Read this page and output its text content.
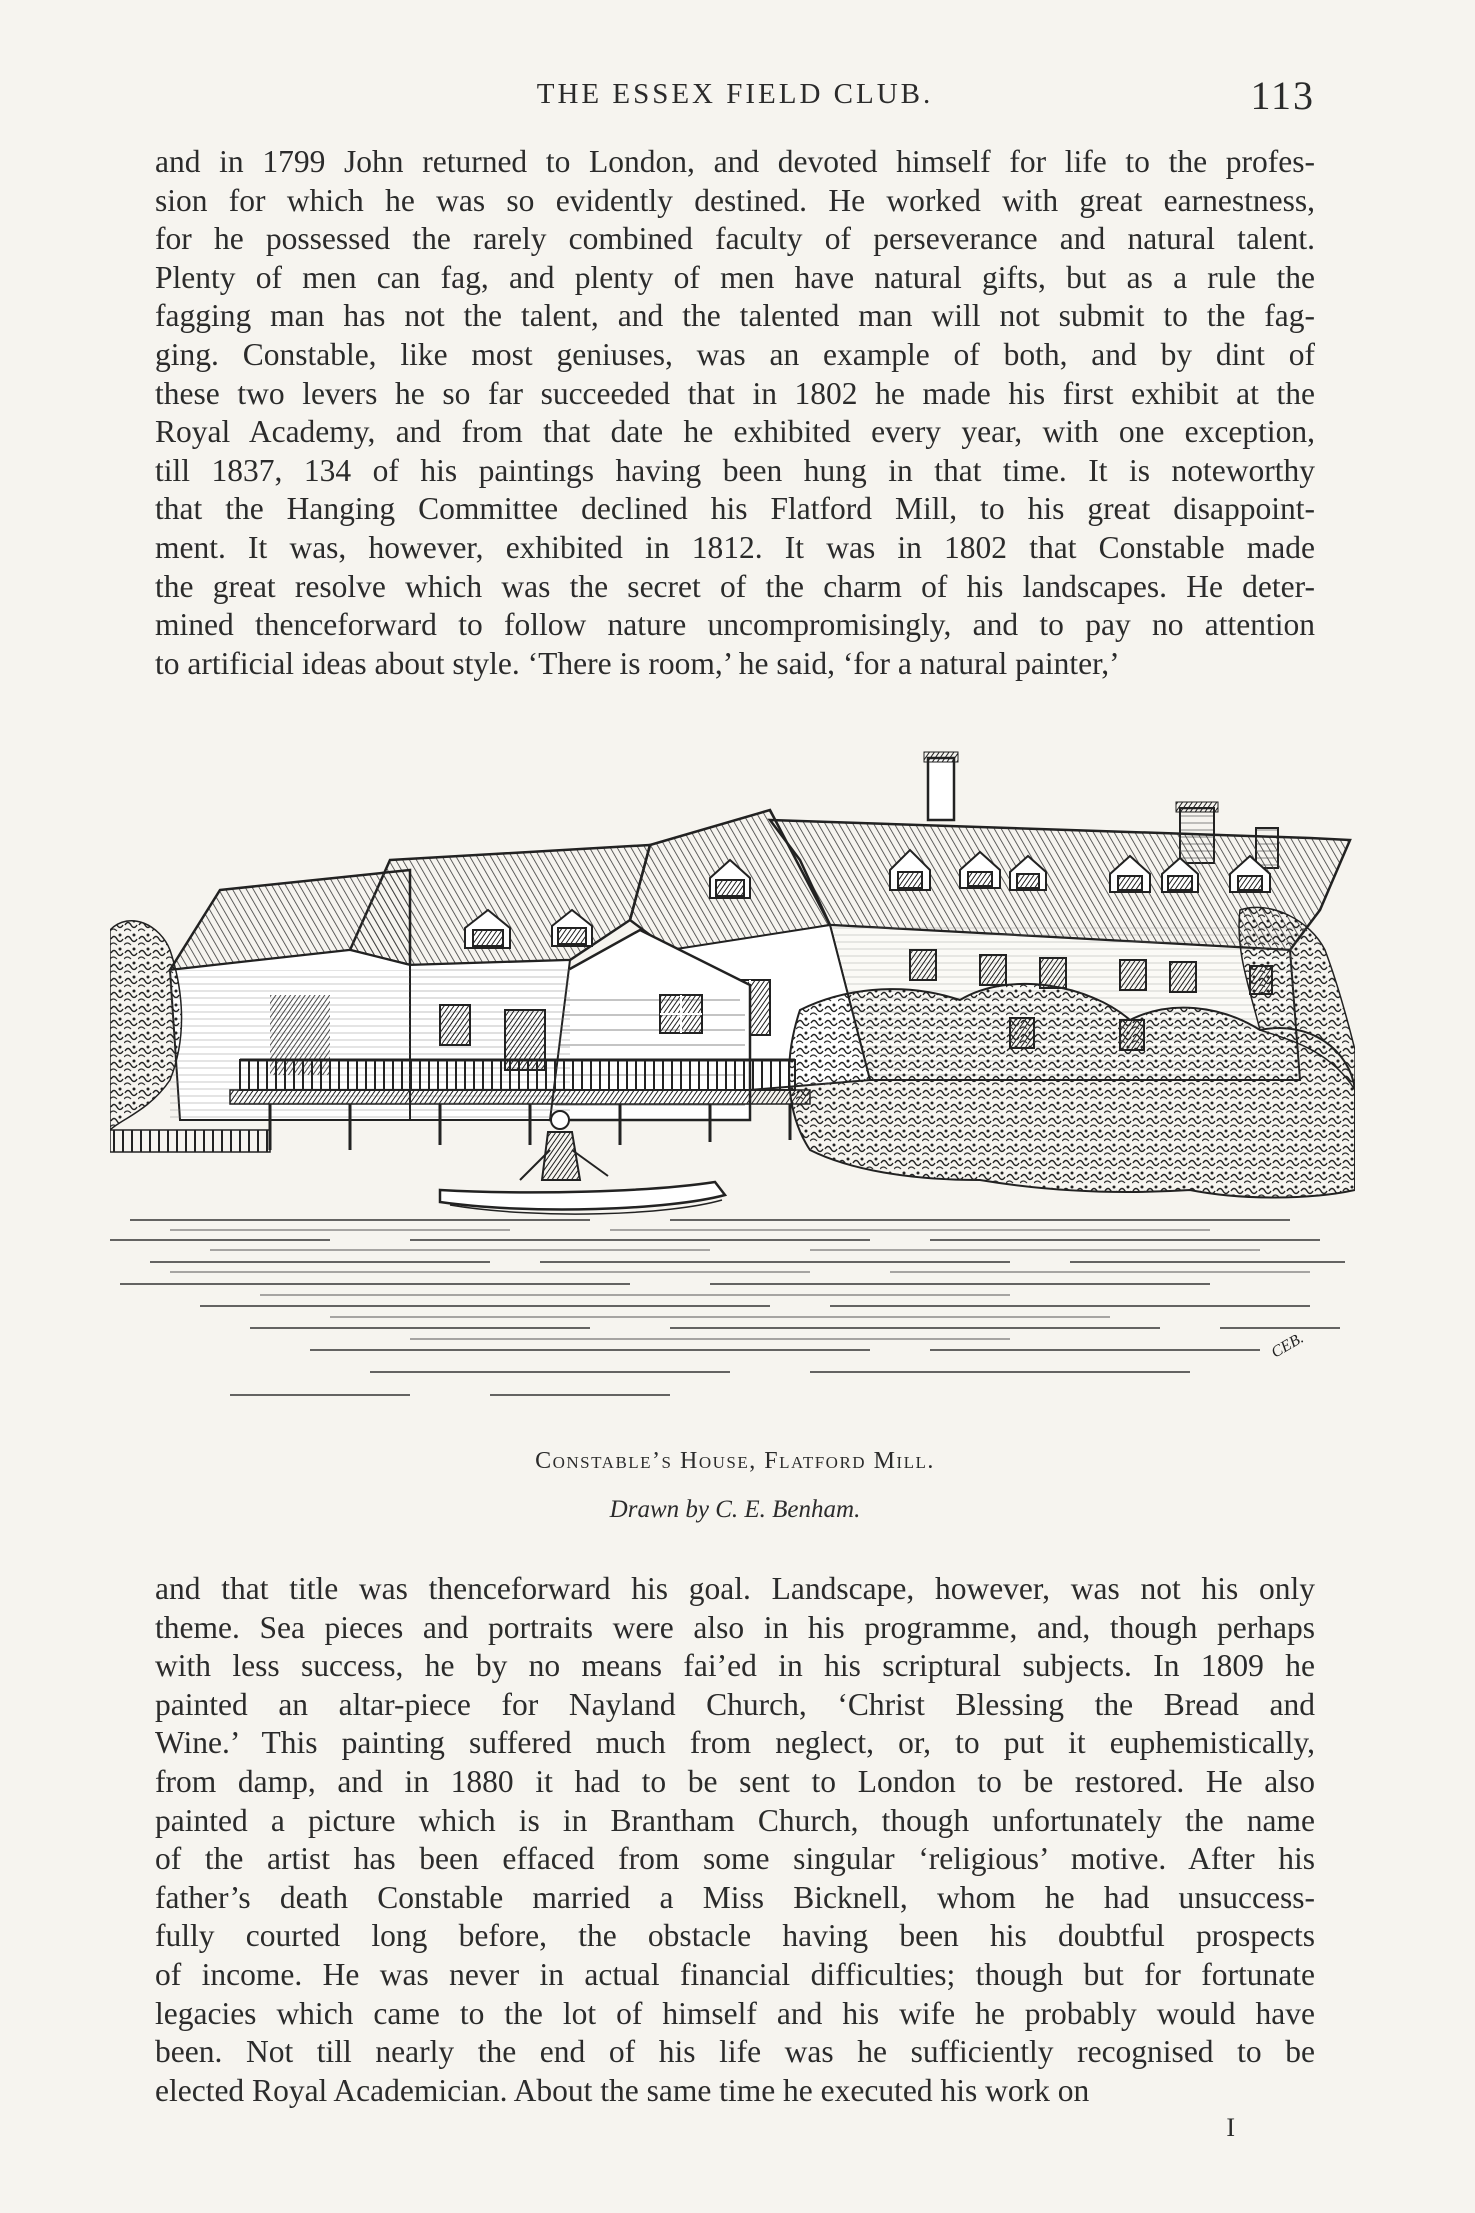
THE ESSEX FIELD CLUB.	113
and in 1799 John returned to London, and devoted himself for life to the profes-
sion for which he was so evidently destined. He worked with great earnestness,
for he possessed the rarely combined faculty of perseverance and natural talent.
Plenty of men can fag, and plenty of men have natural gifts, but as a rule the
fagging man has not the talent, and the talented man will not submit to the fag-
ging. Constable, like most geniuses, was an example of both, and by dint of
these two levers he so far succeeded that in 1802 he made his first exhibit at the
Royal Academy, and from that date he exhibited every year, with one exception,
till 1837, 134 of his paintings having been hung in that time. It is noteworthy
that the Hanging Committee declined his Flatford Mill, to his great disappoint-
ment. It was, however, exhibited in 1812. It was in 1802 that Constable made
the great resolve which was the secret of the charm of his landscapes. He deter-
mined thenceforward to follow nature uncompromisingly, and to pay no attention
to artificial ideas about style. ‘There is room,’ he said, ‘for a natural painter,’
CEB.
Constable’s House, Flatford Mill.
Drawn by C. E. Benham.
and that title was thenceforward his goal. Landscape, however, was not his only
theme. Sea pieces and portraits were also in his programme, and, though perhaps
with less success, he by no means fai’ed in his scriptural subjects. In 1809 he
painted an altar-piece for Nayland Church, ‘Christ Blessing the Bread and
Wine.’ This painting suffered much from neglect, or, to put it euphemistically,
from damp, and in 1880 it had to be sent to London to be restored. He also
painted a picture which is in Brantham Church, though unfortunately the name
of the artist has been effaced from some singular ‘religious’ motive. After his
father’s death Constable married a Miss Bicknell, whom he had unsuccess-
fully courted long before, the obstacle having been his doubtful prospects
of income. He was never in actual financial difficulties; though but for fortunate
legacies which came to the lot of himself and his wife he probably would have
been. Not till nearly the end of his life was he sufficiently recognised to be
elected Royal Academician. About the same time he executed his work on
I
